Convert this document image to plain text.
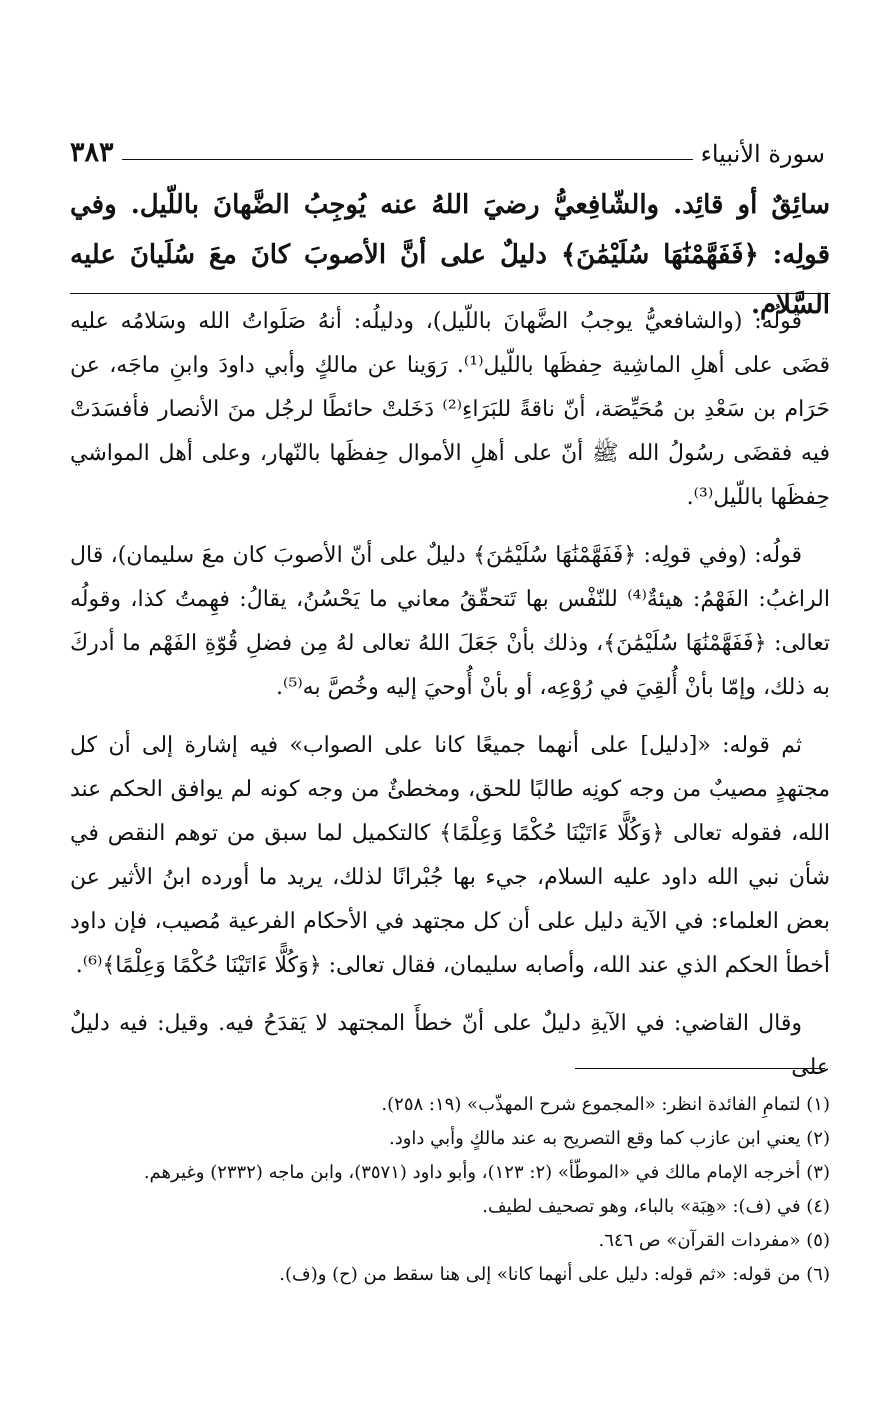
سورة الأنبياء
٣٨٣
سائِقٌ أو قائِد. والشّافِعيُّ رضيَ اللهُ عنه يُوجِبُ الضَّهانَ باللّيل. وفي قولِه: ﴿فَفَهَّمْنَٰهَا سُلَيْمَٰنَ﴾ دليلٌ على أنَّ الأصوبَ كانَ معَ سُلَيانَ عليه السَّلام.

قولُه: (والشافعيُّ يوجبُ الضَّهانَ باللّيل)، ودليلُه: أنهُ صَلَواتُ الله وسَلامُه عليه قضَى على أهلِ الماشِية حِفظَها باللّيل⁽¹⁾. رَوَينا عن مالكٍ وأبي داودَ وابنِ ماجَه، عن حَرَام بن سَعْدِ بن مُحَيِّصَة، أنّ ناقةً للبَرَاءِ⁽²⁾ دَخَلتْ حائطًا لرجُل منَ الأنصار فأفسَدَتْ فيه فقضَى رسُولُ الله ﷺ أنّ على أهلِ الأموال حِفظَها بالنّهار، وعلى أهل المواشي حِفظَها باللّيل⁽³⁾.

قولُه: (وفي قولِه: ﴿فَفَهَّمْنَٰهَا سُلَيْمَٰنَ﴾ دليلٌ على أنّ الأصوبَ كان معَ سليمان)، قال الراغبُ: الفَهْمُ: هيئةٌ⁽⁴⁾ للنّفْس بها تَتحقّقُ معاني ما يَحْسُنُ، يقالُ: فهِمتُ كذا، وقولُه تعالى: ﴿فَفَهَّمْنَٰهَا سُلَيْمَٰنَ﴾، وذلك بأنْ جَعَلَ اللهُ تعالى لهُ مِن فضلِ قُوّةِ الفَهْم ما أدركَ به ذلك، وإمّا بأنْ أُلقِيَ في رُوْعِه، أو بأنْ أُوحيَ إليه وخُصَّ به⁽⁵⁾.

ثم قوله: «[دليل] على أنهما جميعًا كانا على الصواب» فيه إشارة إلى أن كل مجتهدٍ مصيبٌ من وجه كونِه طالبًا للحق، ومخطئٌ من وجه كونه لم يوافق الحكم عند الله، فقوله تعالى ﴿وَكُلًّا ءَاتَيْنَا حُكْمًا وَعِلْمًا﴾ كالتكميل لما سبق من توهم النقص في شأن نبي الله داود عليه السلام، جيء بها جُبْرانًا لذلك، يريد ما أورده ابنُ الأثير عن بعض العلماء: في الآية دليل على أن كل مجتهد في الأحكام الفرعية مُصيب، فإن داود أخطأ الحكم الذي عند الله، وأصابه سليمان، فقال تعالى: ﴿وَكُلًّا ءَاتَيْنَا حُكْمًا وَعِلْمًا﴾⁽⁶⁾.

وقال القاضي: في الآيةِ دليلٌ على أنّ خطأَ المجتهد لا يَقدَحُ فيه. وقيل: فيه دليلٌ على

(١) لتمامِ الفائدة انظر: «المجموع شرح المهذّب» (١٩: ٢٥٨).

(٢) يعني ابن عازب كما وقع التصريح به عند مالكٍ وأبي داود.

(٣) أخرجه الإمام مالك في «الموطّأ» (٢: ١٢٣)، وأبو داود (٣٥٧١)، وابن ماجه (٢٣٣٢) وغيرهم.

(٤) في (ف): «هِبَة» بالباء، وهو تصحيف لطيف.

(٥) «مفردات القرآن» ص ٦٤٦.

(٦) من قوله: «ثم قوله: دليل على أنهما كانا» إلى هنا سقط من (ح) و(ف).
